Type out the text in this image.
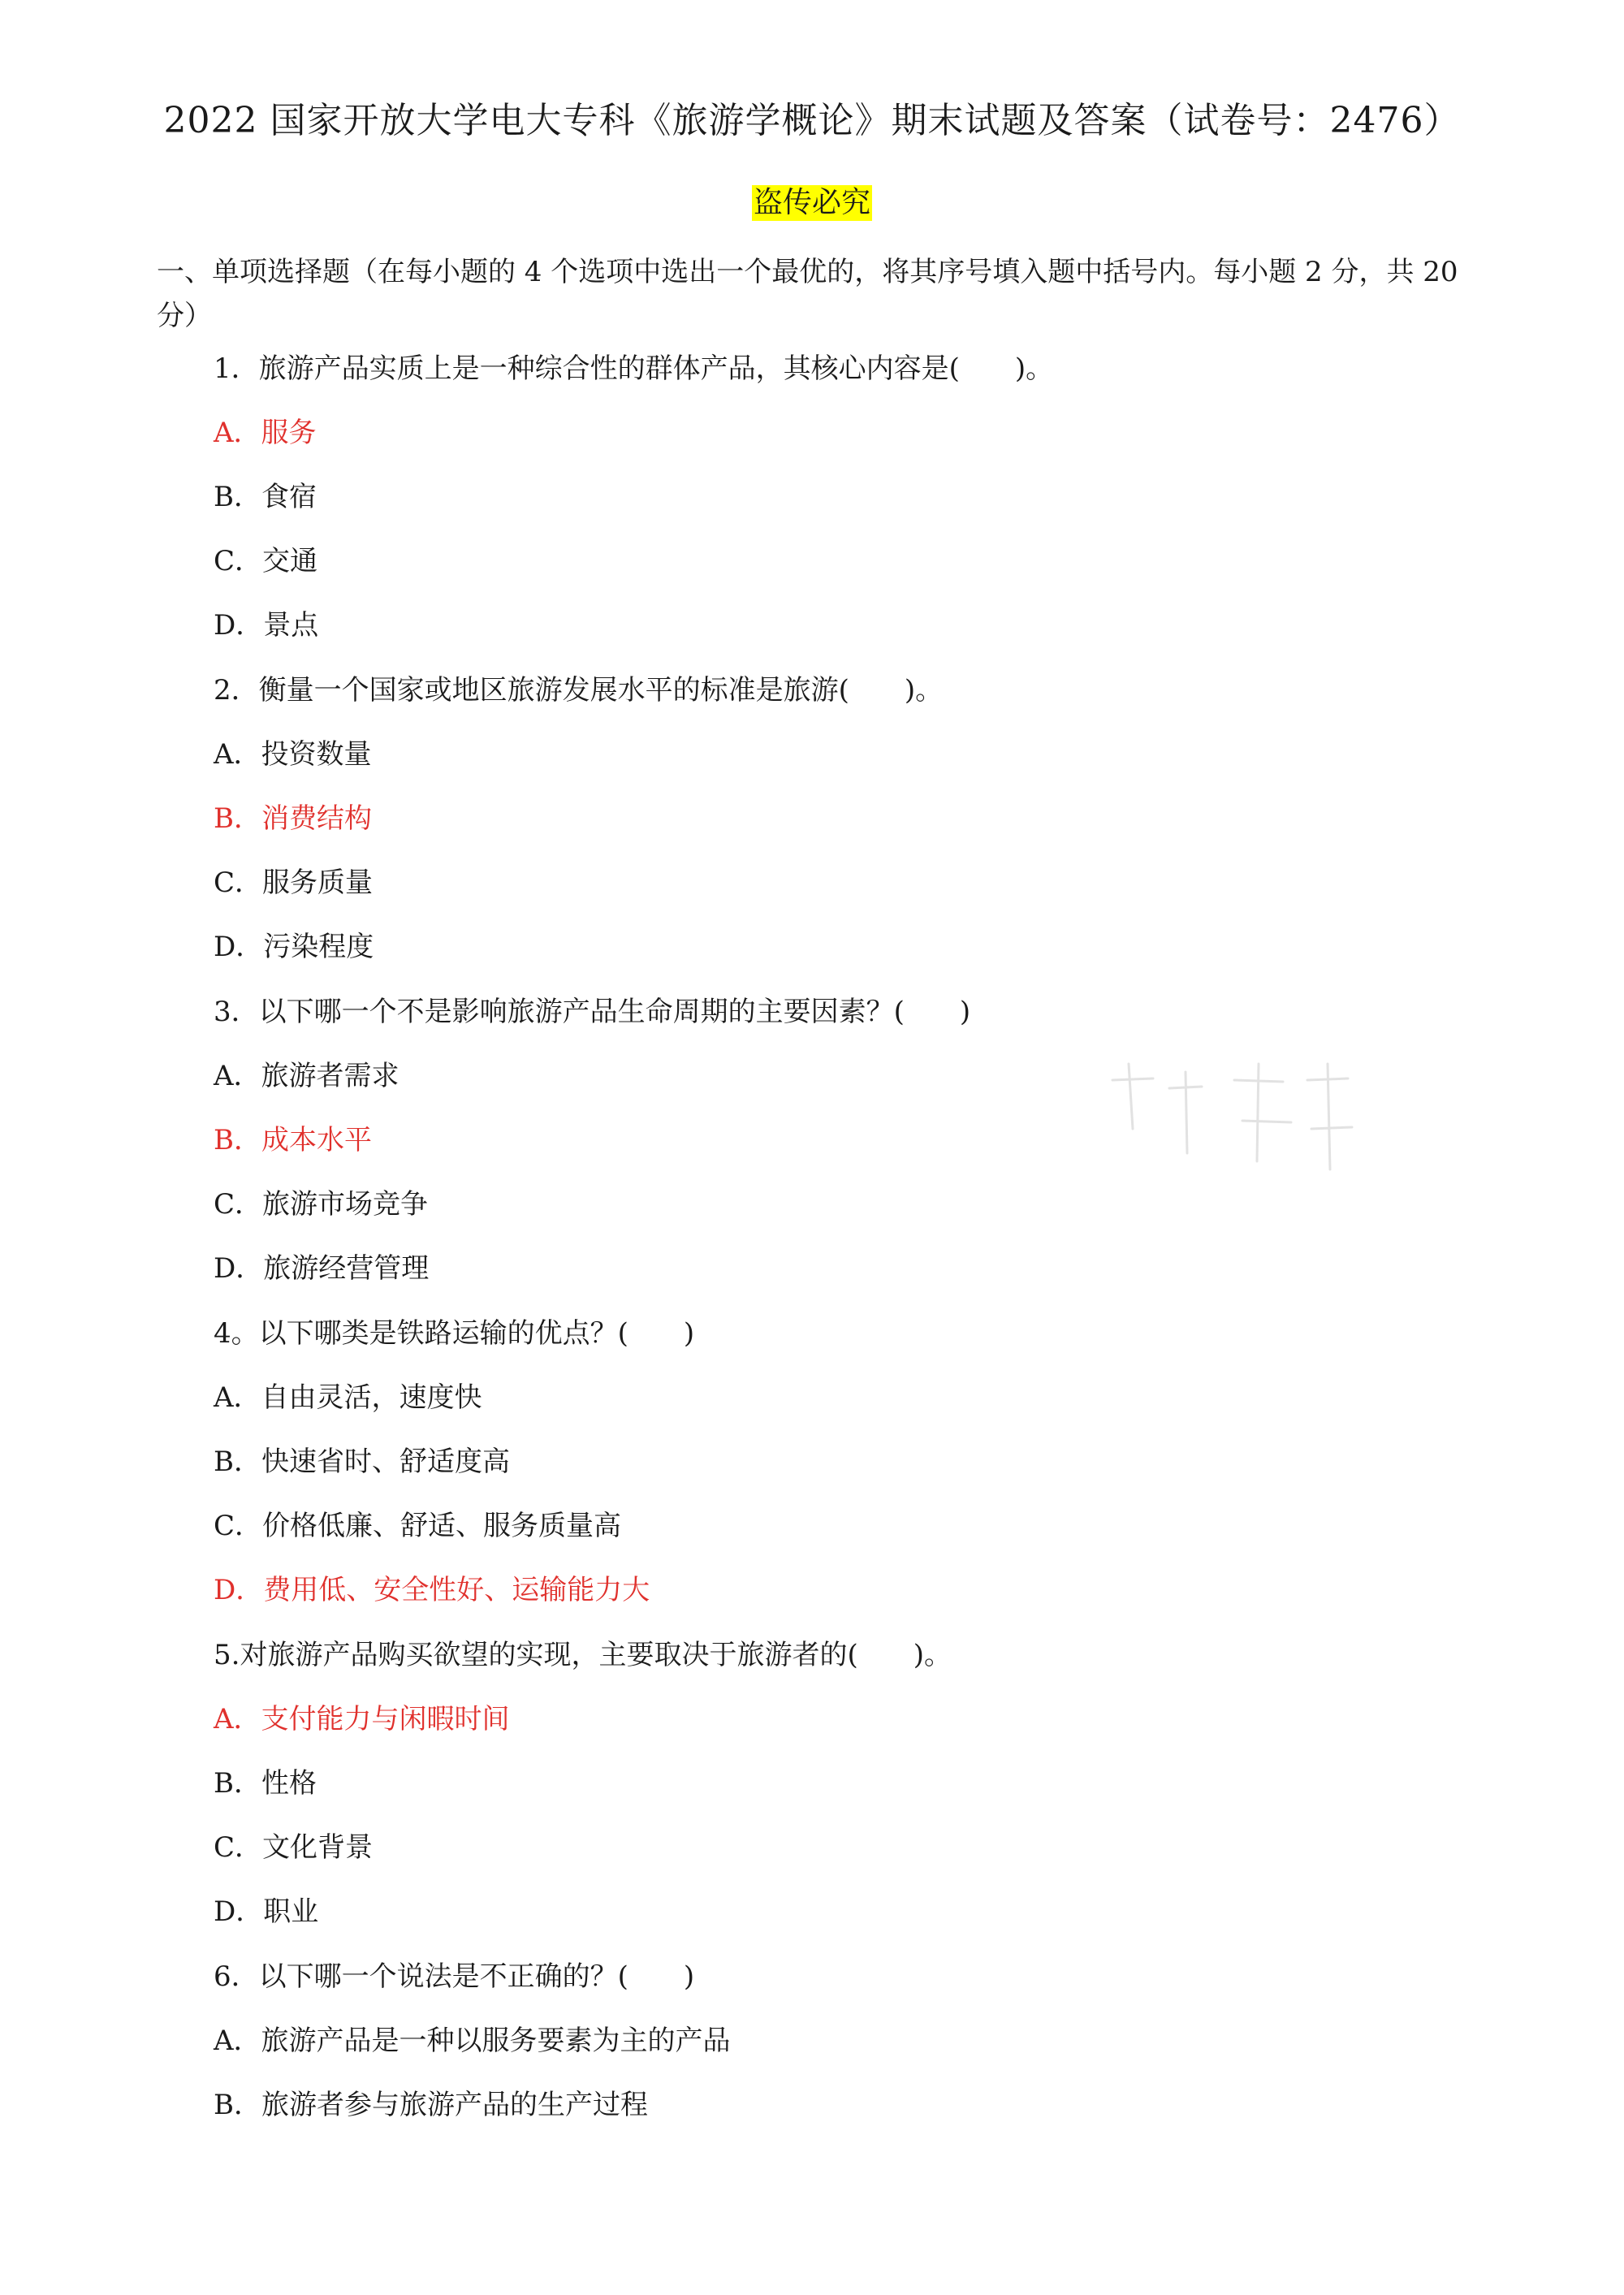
2022 国家开放大学电大专科《旅游学概论》期末试题及答案（试卷号：2476）
盗传必究
一、单项选择题（在每小题的 4 个选项中选出一个最优的，将其序号填入题中括号内。每小题 2 分，共 20 分）
1．旅游产品实质上是一种综合性的群体产品，其核心内容是(　　)。
A．服务
B．食宿
C．交通
D．景点
2．衡量一个国家或地区旅游发展水平的标准是旅游(　　)。
A．投资数量
B．消费结构
C．服务质量
D．污染程度
3．以下哪一个不是影响旅游产品生命周期的主要因素？(　　)
A．旅游者需求
B．成本水平
C．旅游市场竞争
D．旅游经营管理
4。以下哪类是铁路运输的优点？(　　)
A．自由灵活，速度快
B．快速省时、舒适度高
C．价格低廉、舒适、服务质量高
D．费用低、安全性好、运输能力大
5.对旅游产品购买欲望的实现，主要取决于旅游者的(　　)。
A．支付能力与闲暇时间
B．性格
C．文化背景
D．职业
6．以下哪一个说法是不正确的？(　　)
A．旅游产品是一种以服务要素为主的产品
B．旅游者参与旅游产品的生产过程
